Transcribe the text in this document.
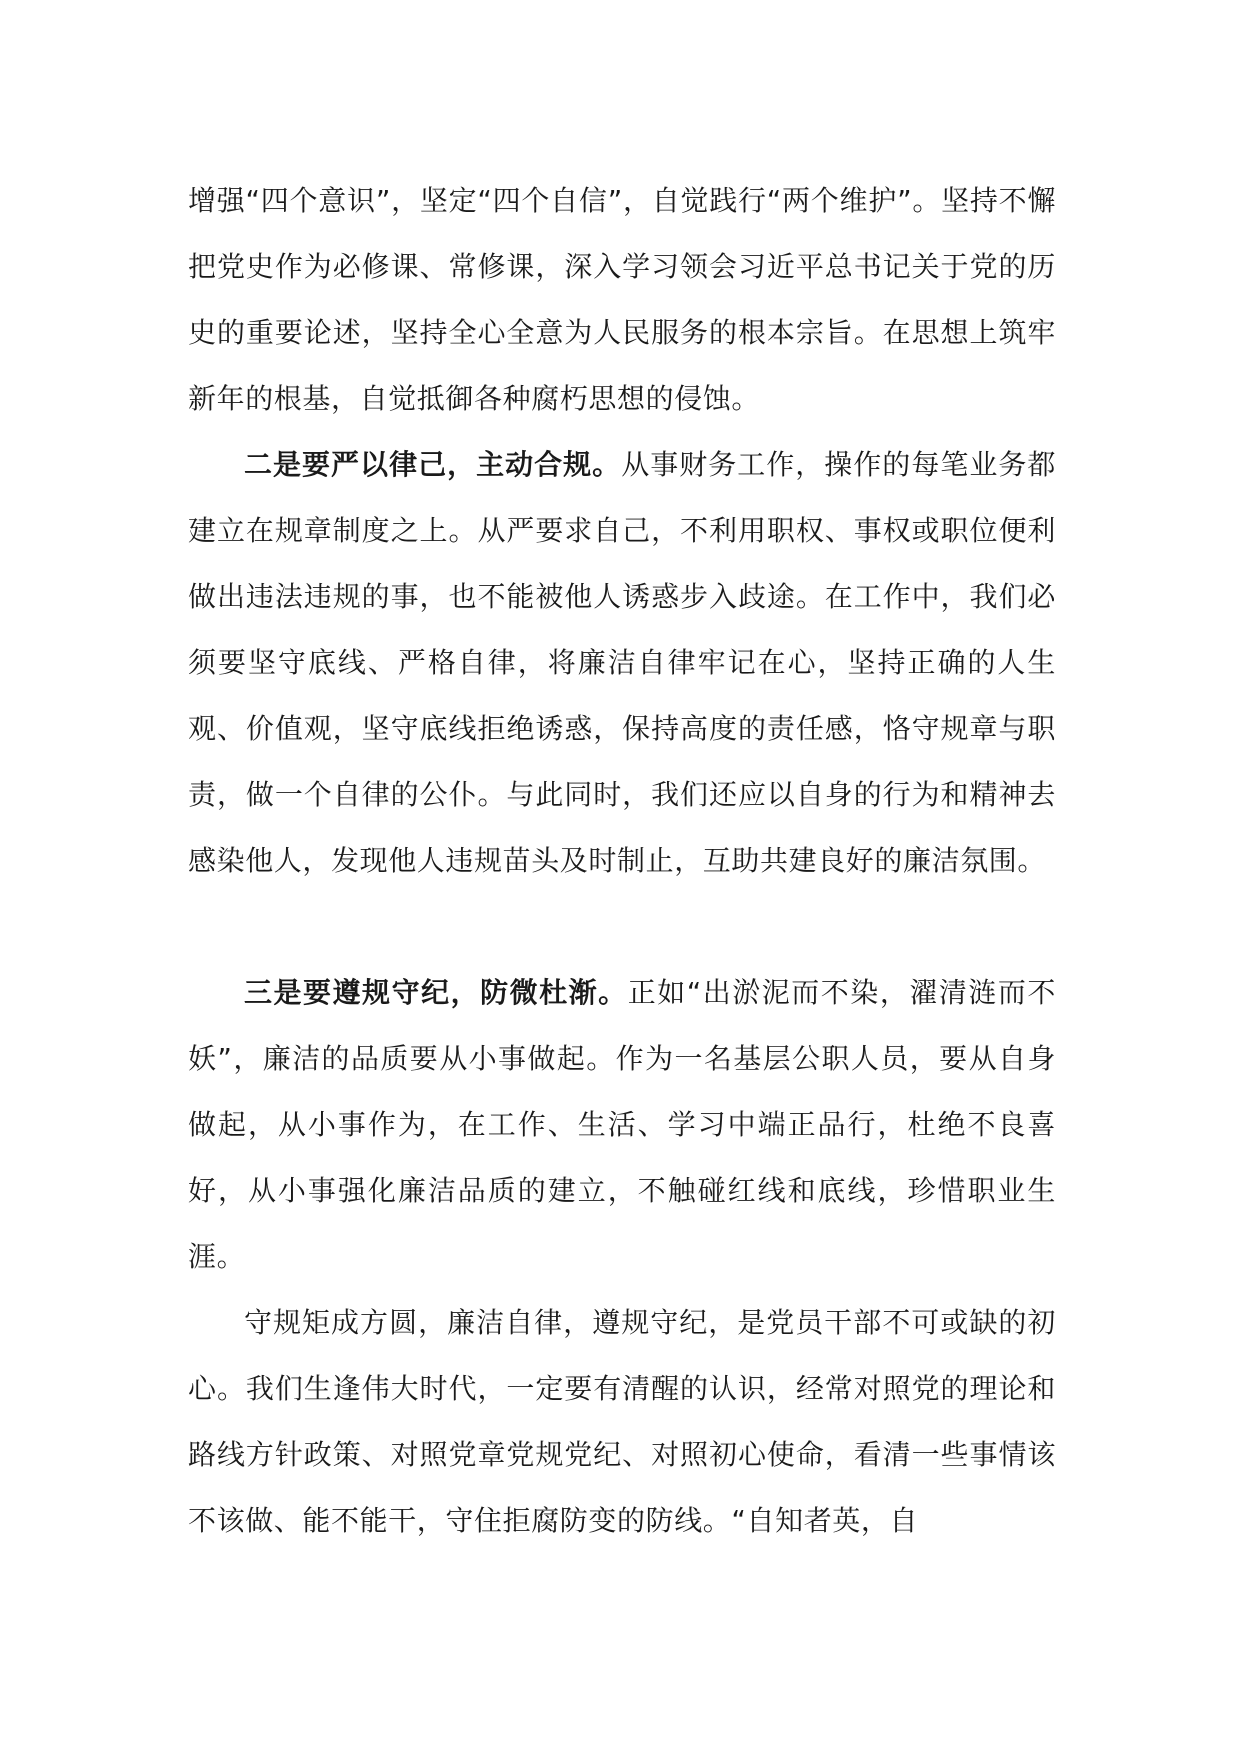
增强“四个意识”，坚定“四个自信”，自觉践行“两个维护”。坚持不懈把党史作为必修课、常修课，深入学习领会习近平总书记关于党的历史的重要论述，坚持全心全意为人民服务的根本宗旨。在思想上筑牢新年的根基，自觉抵御各种腐朽思想的侵蚀。

二是要严以律己，主动合规。从事财务工作，操作的每笔业务都建立在规章制度之上。从严要求自己，不利用职权、事权或职位便利做出违法违规的事，也不能被他人诱惑步入歧途。在工作中，我们必须要坚守底线、严格自律，将廉洁自律牢记在心，坚持正确的人生观、价值观，坚守底线拒绝诱惑，保持高度的责任感，恪守规章与职责，做一个自律的公仆。与此同时，我们还应以自身的行为和精神去感染他人，发现他人违规苗头及时制止，互助共建良好的廉洁氛围。

三是要遵规守纪，防微杜渐。正如“出淤泥而不染，濯清涟而不妖”，廉洁的品质要从小事做起。作为一名基层公职人员，要从自身做起，从小事作为，在工作、生活、学习中端正品行，杜绝不良喜好，从小事强化廉洁品质的建立，不触碰红线和底线，珍惜职业生涯。

守规矩成方圆，廉洁自律，遵规守纪，是党员干部不可或缺的初心。我们生逢伟大时代，一定要有清醒的认识，经常对照党的理论和路线方针政策、对照党章党规党纪、对照初心使命，看清一些事情该不该做、能不能干，守住拒腐防变的防线。“自知者英，自
